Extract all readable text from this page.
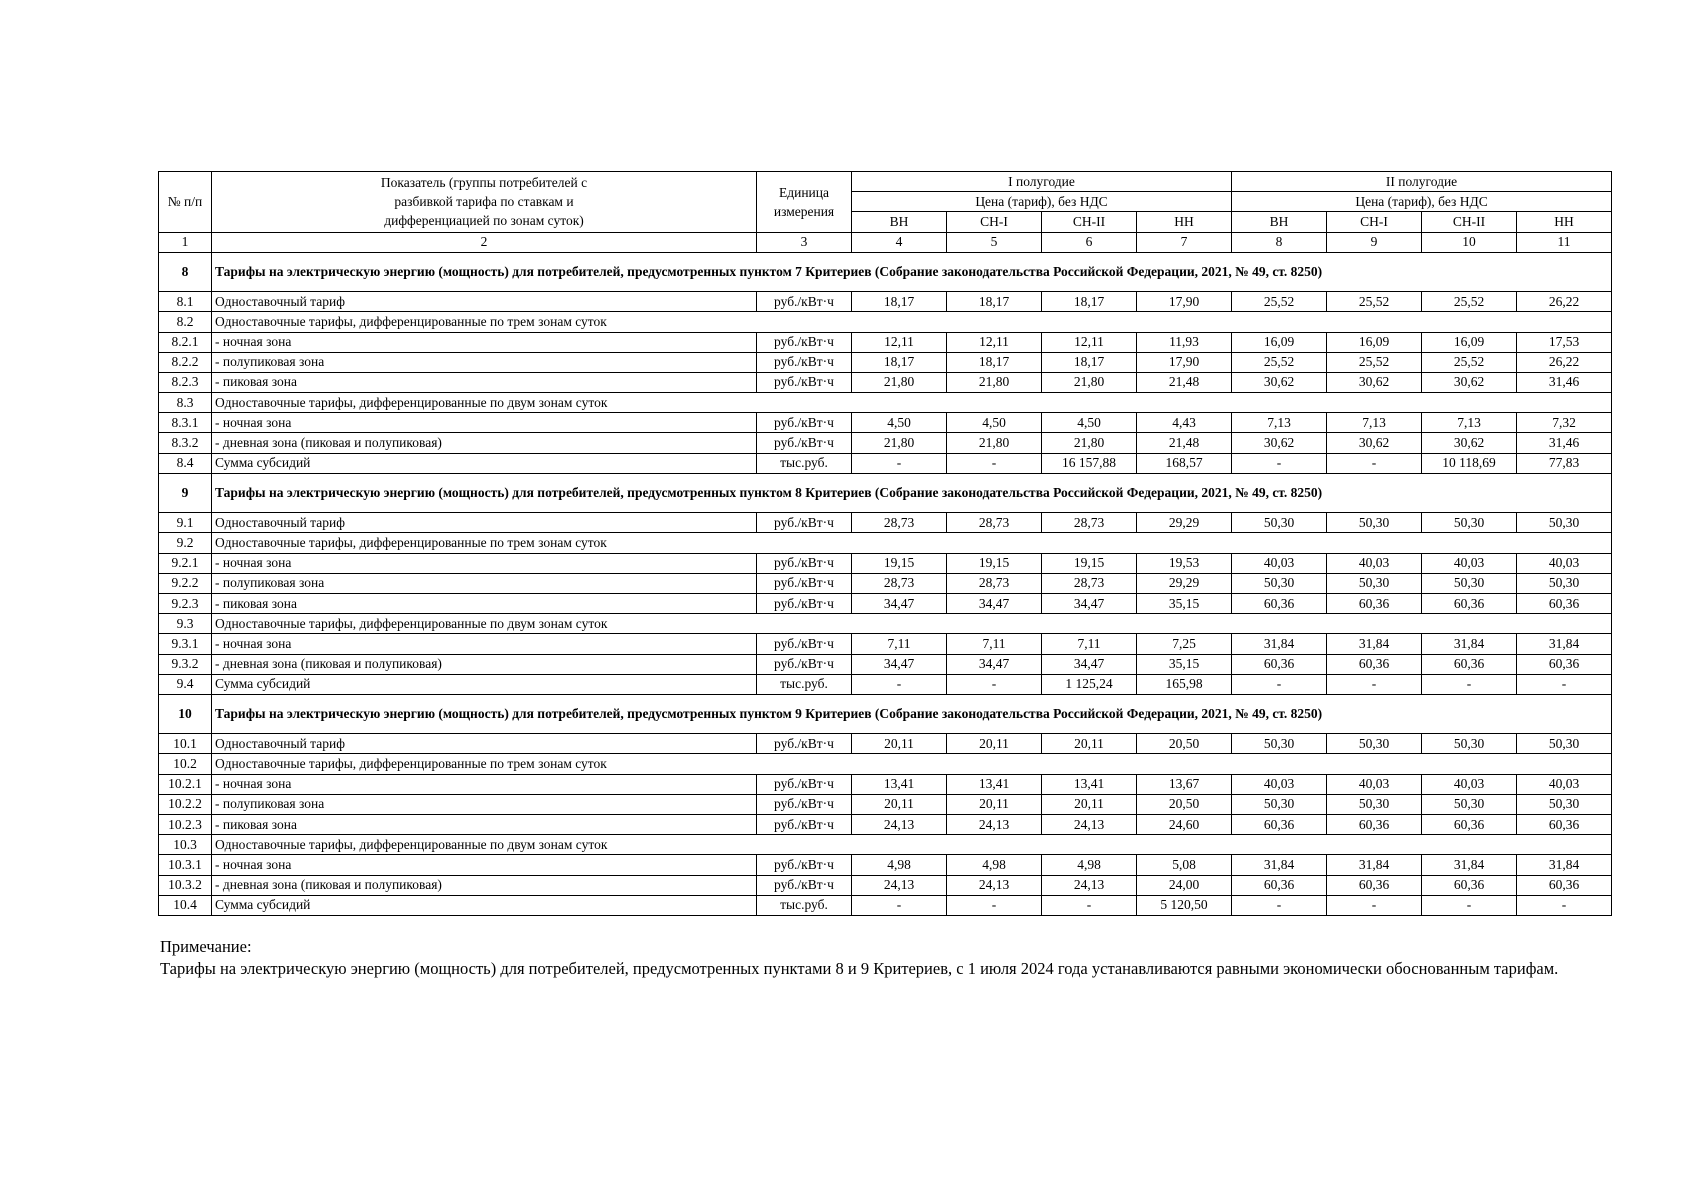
№ п/п	Показатель (группы потребителей с разбивкой тарифа по ставкам и дифференциацией по зонам суток)	Единица измерения	I полугодие				II полугодие			
			Цена (тариф), без НДС				Цена (тариф), без НДС			
			ВН	СН-I	СН-II	НН	ВН	СН-I	СН-II	НН
1	2	3	4	5	6	7	8	9	10	11
8	Тарифы на электрическую энергию (мощность) для потребителей, предусмотренных пунктом 7 Критериев (Собрание законодательства Российской Федерации, 2021, № 49, ст. 8250)									
8.1	Одноставочный тариф	руб./кВт·ч	18,17	18,17	18,17	17,90	25,52	25,52	25,52	26,22
8.2	Одноставочные тарифы, дифференцированные по трем зонам суток									
8.2.1	- ночная зона	руб./кВт·ч	12,11	12,11	12,11	11,93	16,09	16,09	16,09	17,53
8.2.2	- полупиковая зона	руб./кВт·ч	18,17	18,17	18,17	17,90	25,52	25,52	25,52	26,22
8.2.3	- пиковая зона	руб./кВт·ч	21,80	21,80	21,80	21,48	30,62	30,62	30,62	31,46
8.3	Одноставочные тарифы, дифференцированные по двум зонам суток									
8.3.1	- ночная зона	руб./кВт·ч	4,50	4,50	4,50	4,43	7,13	7,13	7,13	7,32
8.3.2	- дневная зона (пиковая и полупиковая)	руб./кВт·ч	21,80	21,80	21,80	21,48	30,62	30,62	30,62	31,46
8.4	Сумма субсидий	тыс.руб.	-	-	16 157,88	168,57	-	-	10 118,69	77,83
9	Тарифы на электрическую энергию (мощность) для потребителей, предусмотренных пунктом 8 Критериев (Собрание законодательства Российской Федерации, 2021, № 49, ст. 8250)									
9.1	Одноставочный тариф	руб./кВт·ч	28,73	28,73	28,73	29,29	50,30	50,30	50,30	50,30
9.2	Одноставочные тарифы, дифференцированные по трем зонам суток									
9.2.1	- ночная зона	руб./кВт·ч	19,15	19,15	19,15	19,53	40,03	40,03	40,03	40,03
9.2.2	- полупиковая зона	руб./кВт·ч	28,73	28,73	28,73	29,29	50,30	50,30	50,30	50,30
9.2.3	- пиковая зона	руб./кВт·ч	34,47	34,47	34,47	35,15	60,36	60,36	60,36	60,36
9.3	Одноставочные тарифы, дифференцированные по двум зонам суток									
9.3.1	- ночная зона	руб./кВт·ч	7,11	7,11	7,11	7,25	31,84	31,84	31,84	31,84
9.3.2	- дневная зона (пиковая и полупиковая)	руб./кВт·ч	34,47	34,47	34,47	35,15	60,36	60,36	60,36	60,36
9.4	Сумма субсидий	тыс.руб.	-	-	1 125,24	165,98	-	-	-	-
10	Тарифы на электрическую энергию (мощность) для потребителей, предусмотренных пунктом 9 Критериев (Собрание законодательства Российской Федерации, 2021, № 49, ст. 8250)									
10.1	Одноставочный тариф	руб./кВт·ч	20,11	20,11	20,11	20,50	50,30	50,30	50,30	50,30
10.2	Одноставочные тарифы, дифференцированные по трем зонам суток									
10.2.1	- ночная зона	руб./кВт·ч	13,41	13,41	13,41	13,67	40,03	40,03	40,03	40,03
10.2.2	- полупиковая зона	руб./кВт·ч	20,11	20,11	20,11	20,50	50,30	50,30	50,30	50,30
10.2.3	- пиковая зона	руб./кВт·ч	24,13	24,13	24,13	24,60	60,36	60,36	60,36	60,36
10.3	Одноставочные тарифы, дифференцированные по двум зонам суток									
10.3.1	- ночная зона	руб./кВт·ч	4,98	4,98	4,98	5,08	31,84	31,84	31,84	31,84
10.3.2	- дневная зона (пиковая и полупиковая)	руб./кВт·ч	24,13	24,13	24,13	24,00	60,36	60,36	60,36	60,36
10.4	Сумма субсидий	тыс.руб.	-	-	-	5 120,50	-	-	-	-

Примечание:

Тарифы на электрическую энергию (мощность) для потребителей, предусмотренных пунктами 8 и 9 Критериев, с 1 июля 2024 года устанавливаются равными экономически обоснованным тарифам.
